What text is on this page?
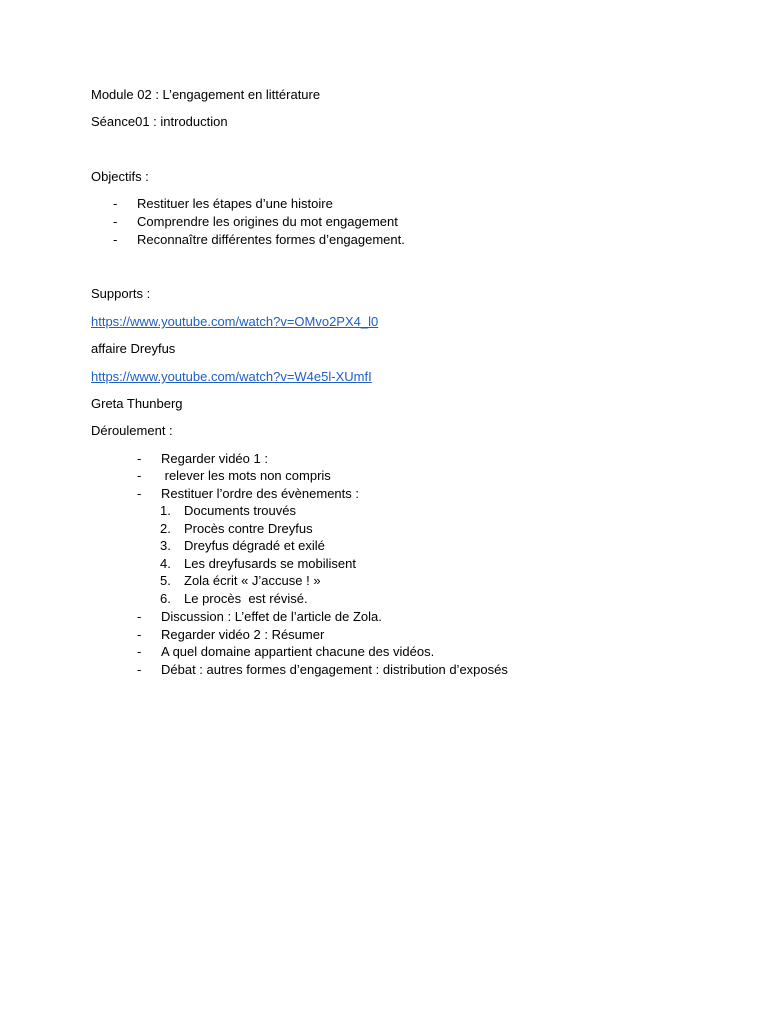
Module 02 : L’engagement en littérature
Séance01 : introduction
Objectifs :
- Restituer les étapes d’une histoire
- Comprendre les origines du mot engagement
- Reconnaître différentes formes d’engagement.
Supports :
https://www.youtube.com/watch?v=OMvo2PX4_l0
affaire Dreyfus
https://www.youtube.com/watch?v=W4e5l-XUmfI
Greta Thunberg
Déroulement :
- Regarder vidéo 1 :
- relever les mots non compris
- Restituer l’ordre des évènements :
1. Documents trouvés
2. Procès contre Dreyfus
3. Dreyfus dégradé et exilé
4. Les dreyfusards se mobilisent
5. Zola écrit « J’accuse ! »
6. Le procès  est révisé.
- Discussion : L’effet de l’article de Zola.
- Regarder vidéo 2 : Résumer
- A quel domaine appartient chacune des vidéos.
- Débat : autres formes d’engagement : distribution d’exposés
